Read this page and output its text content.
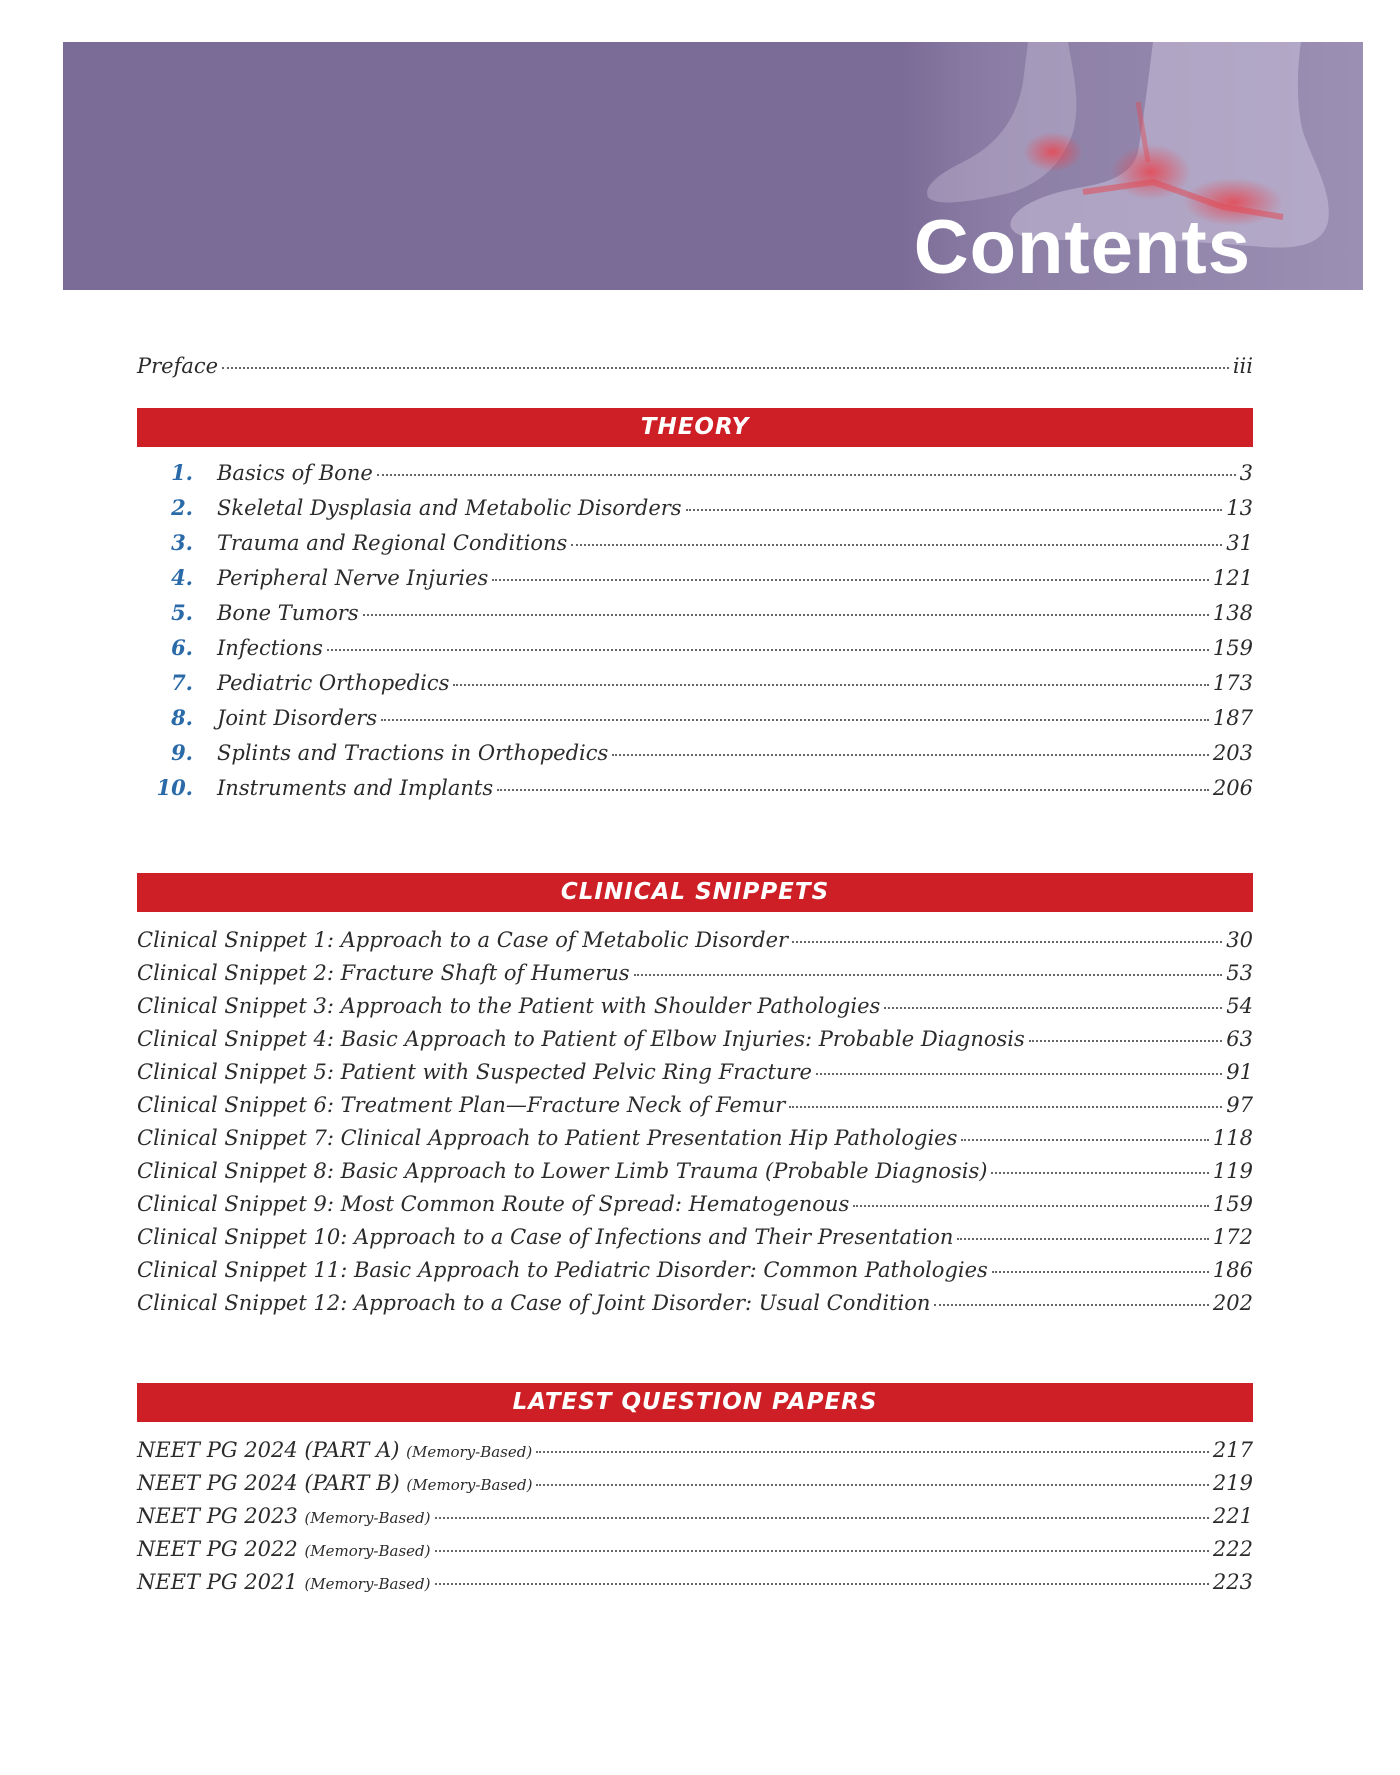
Contents
Preface	iii
THEORY
1. Basics of Bone	3
2. Skeletal Dysplasia and Metabolic Disorders	13
3. Trauma and Regional Conditions	31
4. Peripheral Nerve Injuries	121
5. Bone Tumors	138
6. Infections	159
7. Pediatric Orthopedics	173
8. Joint Disorders	187
9. Splints and Tractions in Orthopedics	203
10. Instruments and Implants	206
CLINICAL SNIPPETS
Clinical Snippet 1: Approach to a Case of Metabolic Disorder	30
Clinical Snippet 2: Fracture Shaft of Humerus	53
Clinical Snippet 3: Approach to the Patient with Shoulder Pathologies	54
Clinical Snippet 4: Basic Approach to Patient of Elbow Injuries: Probable Diagnosis	63
Clinical Snippet 5: Patient with Suspected Pelvic Ring Fracture	91
Clinical Snippet 6: Treatment Plan—Fracture Neck of Femur	97
Clinical Snippet 7: Clinical Approach to Patient Presentation Hip Pathologies	118
Clinical Snippet 8: Basic Approach to Lower Limb Trauma (Probable Diagnosis)	119
Clinical Snippet 9: Most Common Route of Spread: Hematogenous	159
Clinical Snippet 10: Approach to a Case of Infections and Their Presentation	172
Clinical Snippet 11: Basic Approach to Pediatric Disorder: Common Pathologies	186
Clinical Snippet 12: Approach to a Case of Joint Disorder: Usual Condition	202
LATEST QUESTION PAPERS
NEET PG 2024 (PART A) (Memory-Based)	217
NEET PG 2024 (PART B) (Memory-Based)	219
NEET PG 2023 (Memory-Based)	221
NEET PG 2022 (Memory-Based)	222
NEET PG 2021 (Memory-Based)	223
